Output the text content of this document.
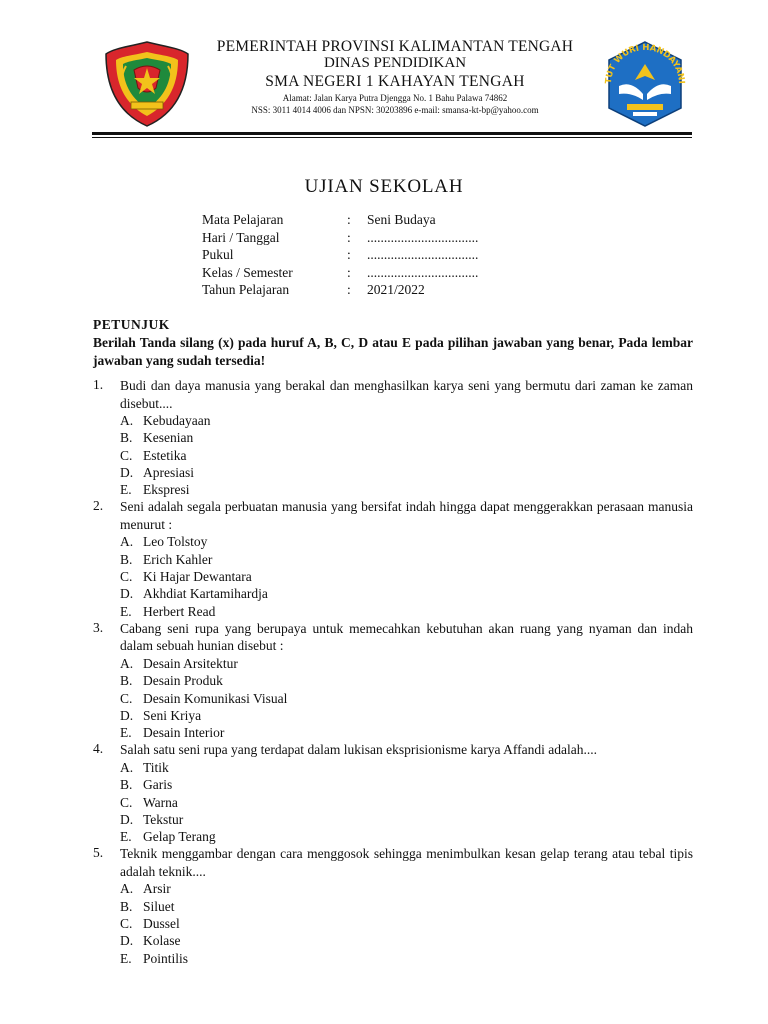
PEMERINTAH PROVINSI KALIMANTAN TENGAH
DINAS PENDIDIKAN
SMA NEGERI 1 KAHAYAN TENGAH
Alamat: Jalan Karya Putra Djengga No. 1 Bahu Palawa 74862
NSS: 3011 4014 4006 dan NPSN: 30203896 e-mail: smansa-kt-bp@yahoo.com
TUT WURI HANDAYANI
UJIAN SEKOLAH
Mata Pelajaran	: Seni Budaya
Hari / Tanggal	: .................................
Pukul	: .................................
Kelas / Semester	: .................................
Tahun Pelajaran	: 2021/2022
PETUNJUK
Berilah Tanda silang (x) pada huruf A, B, C, D atau E pada pilihan jawaban yang benar, Pada lembar jawaban yang sudah tersedia!
1. Budi dan daya manusia yang berakal dan menghasilkan karya seni yang bermutu dari zaman ke zaman disebut....
A. Kebudayaan
B. Kesenian
C. Estetika
D. Apresiasi
E. Ekspresi
2. Seni adalah segala perbuatan manusia yang bersifat indah hingga dapat menggerakkan perasaan manusia menurut :
A. Leo Tolstoy
B. Erich Kahler
C. Ki Hajar Dewantara
D. Akhdiat Kartamihardja
E. Herbert Read
3. Cabang seni rupa yang berupaya untuk memecahkan kebutuhan akan ruang yang nyaman dan indah dalam sebuah hunian disebut :
A. Desain Arsitektur
B. Desain Produk
C. Desain Komunikasi Visual
D. Seni Kriya
E. Desain Interior
4. Salah satu seni rupa yang terdapat dalam lukisan eksprisionisme karya Affandi adalah....
A. Titik
B. Garis
C. Warna
D. Tekstur
E. Gelap Terang
5. Teknik menggambar dengan cara menggosok sehingga menimbulkan kesan gelap terang atau tebal tipis adalah teknik....
A. Arsir
B. Siluet
C. Dussel
D. Kolase
E. Pointilis
